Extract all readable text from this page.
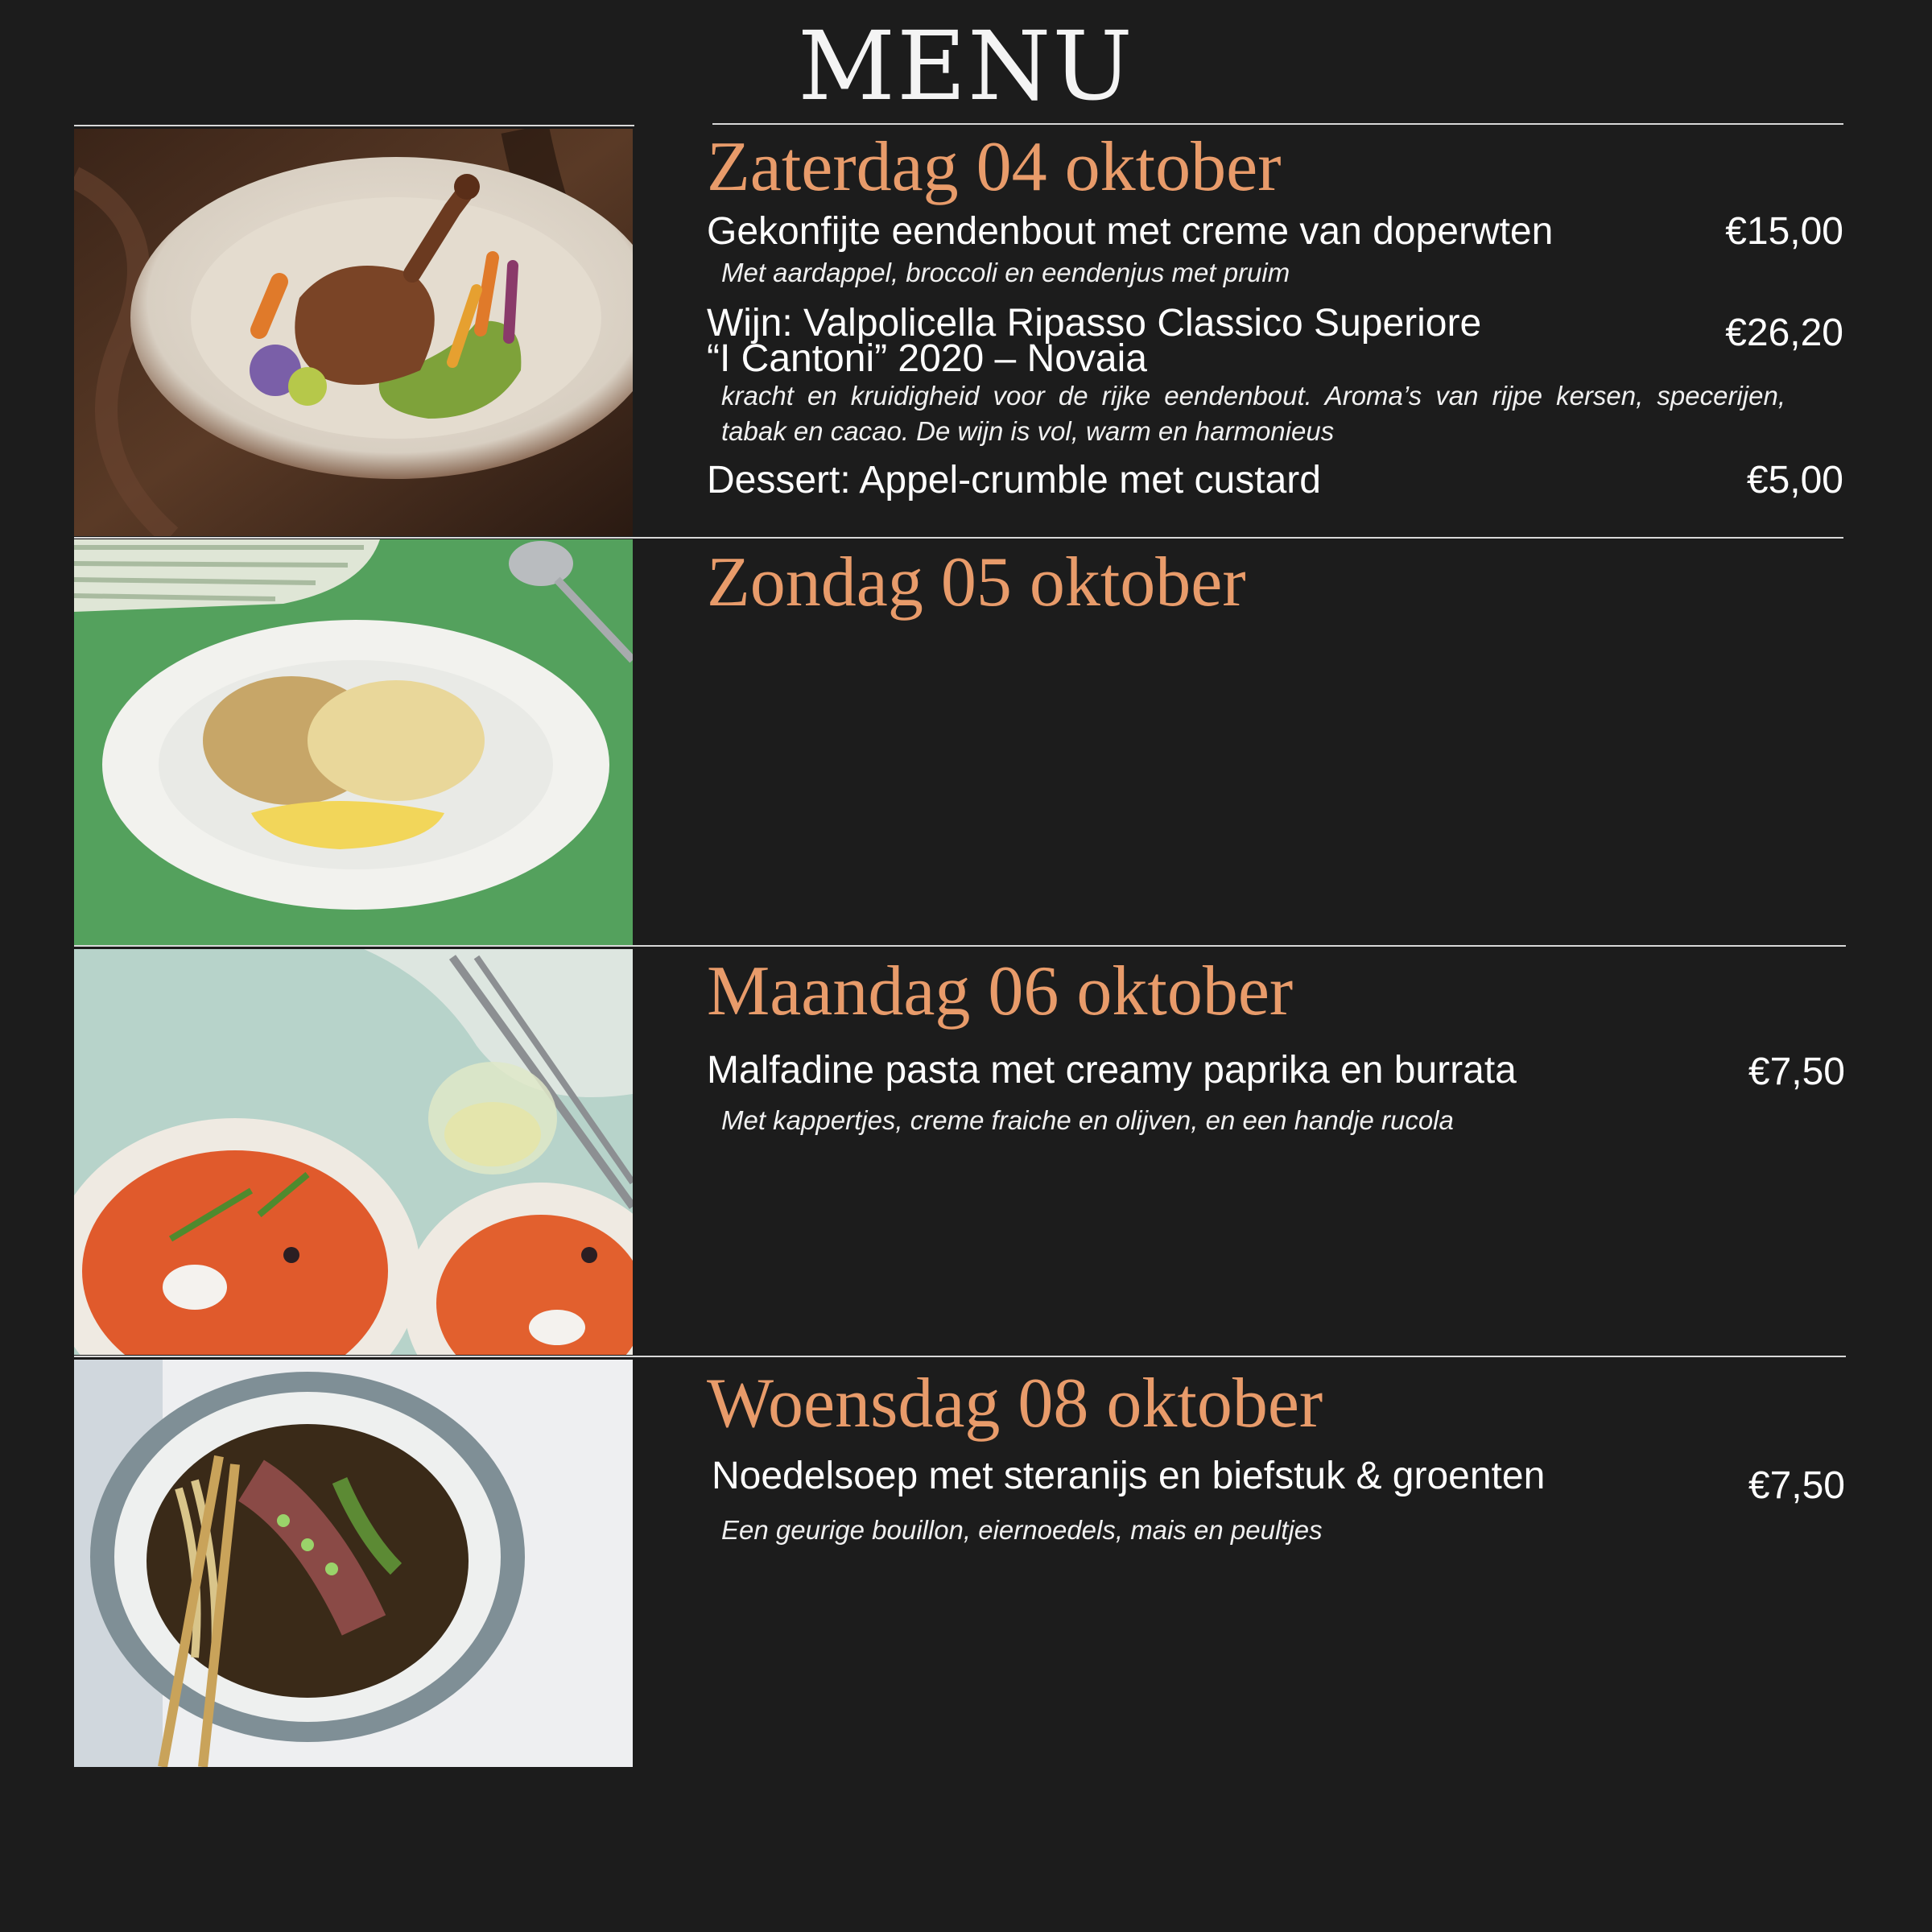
MENU
Zaterdag 04 oktober
Gekonfijte eendenbout met creme van doperwten	€15,00
Met aardappel, broccoli en eendenjus met pruim
Wijn: Valpolicella Ripasso Classico Superiore
“I Cantoni” 2020 – Novaia
€26,20
kracht en kruidigheid voor de rijke eendenbout. Aroma’s van rijpe kersen, specerijen, tabak en cacao. De wijn is vol, warm en harmonieus
Dessert: Appel-crumble met custard	€5,00
Zondag 05 oktober
Maandag 06 oktober
Malfadine pasta met creamy paprika en burrata	€7,50
Met kappertjes, creme fraiche en olijven, en een handje rucola
Woensdag 08 oktober
Noedelsoep met steranijs en biefstuk & groenten	€7,50
Een geurige bouillon, eiernoedels, mais en peultjes
